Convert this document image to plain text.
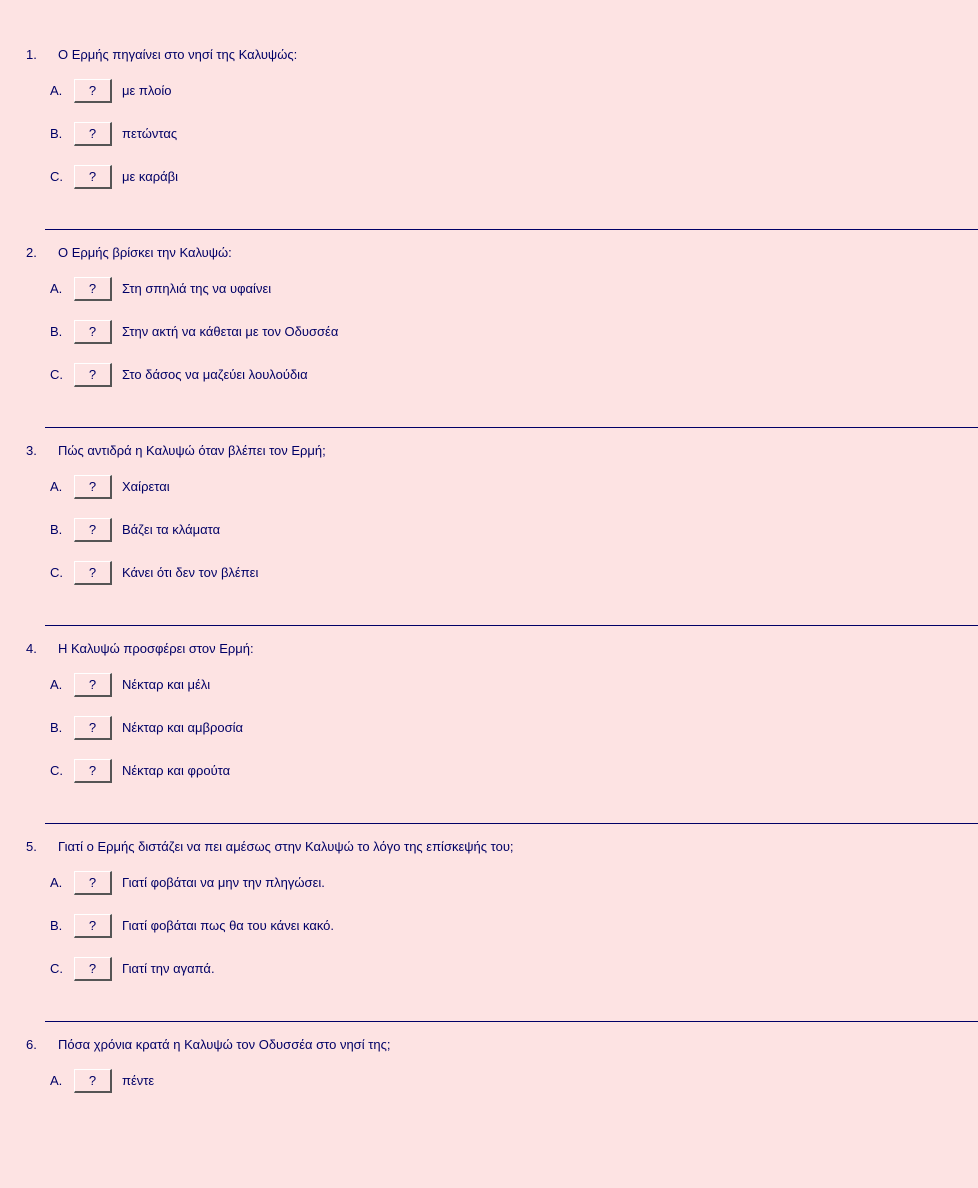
1.	Ο Ερμής πηγαίνει στο νησί της Καλυψώς:
A.	?	με πλοίο
B.	?	πετώντας
C.	?	με καράβι
2.	Ο Ερμής βρίσκει την Καλυψώ:
A.	?	Στη σπηλιά της να υφαίνει
B.	?	Στην ακτή να κάθεται με τον Οδυσσέα
C.	?	Στο δάσος να μαζεύει λουλούδια
3.	Πώς αντιδρά η Καλυψώ όταν βλέπει τον Ερμή;
A.	?	Χαίρεται
B.	?	Βάζει τα κλάματα
C.	?	Κάνει ότι δεν τον βλέπει
4.	Η Καλυψώ προσφέρει στον Ερμή:
A.	?	Νέκταρ και μέλι
B.	?	Νέκταρ και αμβροσία
C.	?	Νέκταρ και φρούτα
5.	Γιατί ο Ερμής διστάζει να πει αμέσως στην Καλυψώ το λόγο της επίσκεψής του;
A.	?	Γιατί φοβάται να μην την πληγώσει.
B.	?	Γιατί φοβάται πως θα του κάνει κακό.
C.	?	Γιατί την αγαπά.
6.	Πόσα χρόνια κρατά η Καλυψώ τον Οδυσσέα στο νησί της;
A.	?	πέντε
